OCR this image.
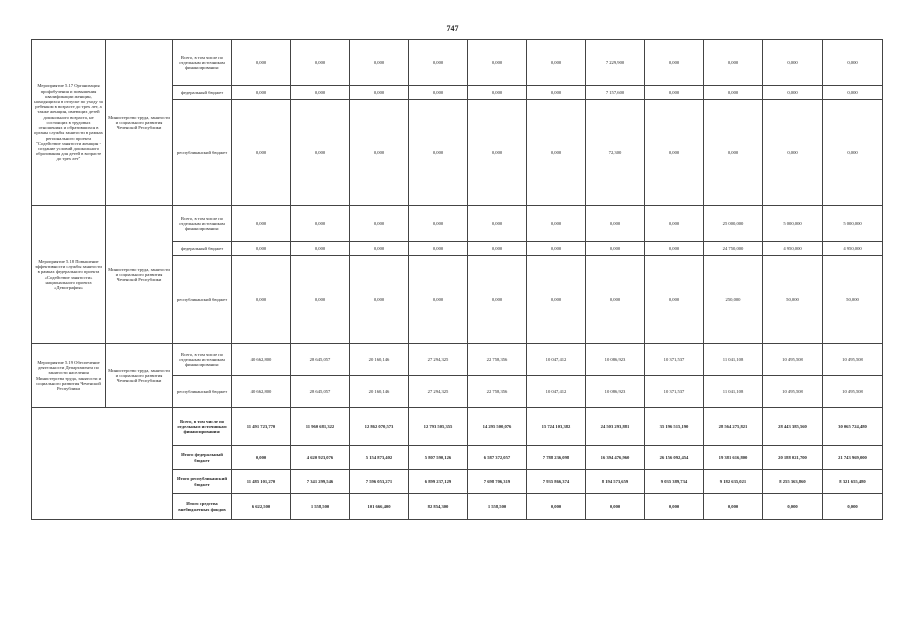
747
Мероприятие 5.17 Организация профобучения и повышения квалификации женщин, находящихся в отпуске по уходу за ребенком в возрасте до трех лет, а также женщин, имеющих детей дошкольного возраста, не состоящих в трудовых отношениях и обратившихся в органы службы занятости в рамках регионального проекта "Содействие занятости женщин - создание условий дошкольного образования для детей в возрасте до трех лет"	Министерство труда, занятости и социального развития Чеченской Республики	Всего, в том числе по отдельным источникам финансирования:	0,000	0,000	0,000	0,000	0,000	0,000	7 229,900	0,000	0,000	0,000	0,000
		федеральный бюджет	0,000	0,000	0,000	0,000	0,000	0,000	7 157,600	0,000	0,000	0,000	0,000
		республиканский бюджет	0,000	0,000	0,000	0,000	0,000	0,000	72,300	0,000	0,000	0,000	0,000
Мероприятие 5.18 Повышение эффективности службы занятости в рамках федерального проекта «Содействие занятости» национального проекта «Демография»	Министерство труда, занятости и социального развития Чеченской Республики	Всего, в том числе по отдельным источникам финансирования:	0,000	0,000	0,000	0,000	0,000	0,000	0,000	0,000	25 000,000	5 000,000	5 000,000
		федеральный бюджет	0,000	0,000	0,000	0,000	0,000	0,000	0,000	0,000	24 750,000	4 950,000	4 950,000
		республиканский бюджет	0,000	0,000	0,000	0,000	0,000	0,000	0,000	0,000	250,000	50,000	50,000
Мероприятие 5.19 Обеспечение деятельности Департамента по занятости населения Министерства труда, занятости и социального развития Чеченской Республики	Министерство труда, занятости и социального развития Чеченской Республики	Всего, в том числе по отдельным источникам финансирования:	40 662,800	28 645,057	20 160,146	27 294,325	22 758,356	10 047,412	10 086,923	10 371,537	11 041,108	10 495,508	10 495,508
		республиканский бюджет	40 662,800	28 645,057	20 160,146	27 294,325	22 758,356	10 047,412	10 086,923	10 371,537	11 041,108	10 495,508	10 495,508
		Всего, в том числе по отдельным источникам финансирования:	11 491 723,770	11 960 681,322	12 862 070,573	12 793 505,355	14 295 500,076	15 724 103,382	24 503 293,881	35 196 515,190	28 564 275,821	28 443 385,560	30 065 724,480
		Итого федеральный бюджет	0,000	4 620 923,076	5 154 873,402	5 807 590,126	6 587 372,057	7 788 236,098	16 394 476,960	26 156 092,454	19 381 616,800	20 188 021,700	21 743 969,000
		Итого республиканский бюджет	11 485 101,270	7 341 299,546	7 596 053,271	6 899 237,129	7 698 706,319	7 935 866,374	8 194 573,659	9 035 389,734	9 182 635,021	8 255 363,860	8 321 655,480
		Итого средства внебюджетных фондов	6 622,500	1 558,500	101 666,400	82 854,300	1 558,500	0,000	0,000	0,000	0,000	0,000	0,000
